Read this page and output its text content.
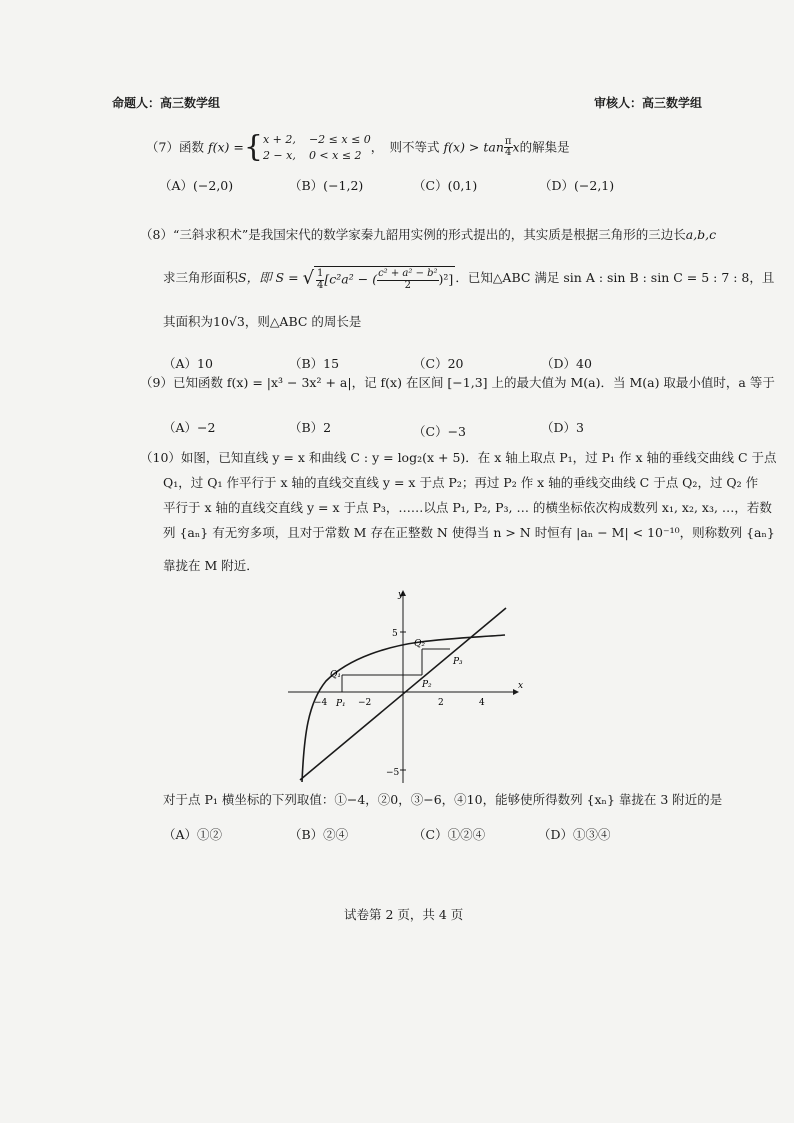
命题人：高三数学组	审核人：高三数学组
（7）函数 f(x) ={ x + 2, −2 ≤ x ≤ 0
2 − x, 0 < x ≤ 2
，　则不等式 $f(x) > \tan \frac{\pi}{4}$ x的解集是
（A）(−2,0)	（B）(−1,2)	（C）(0,1)	（D）(−2,1)
（8）“三斜求积术”是我国宋代的数学家秦九韶用实例的形式提出的，其实质是根据三角形的三边长a,b,c
求三角形面积S，即 S = √ $\frac{1}{4} [c^2a^2$ − ( $\frac{\text{c² + a² − b²}}{2} )^2$] ．已知△ABC 满足 sin A : sin B : sin C = 5 : 7 : 8，且
其面积为10√3，则△ABC 的周长是
（A）10	（B）15	（C）20	（D）40
（9）已知函数 f(x) = |x³ − 3x² + a|，记 f(x) 在区间 [−1,3] 上的最大值为 M(a)．当 M(a) 取最小值时，a 等于
（A）−2	（B）2	（C）−3	（D）3
（10）如图，已知直线 y = x 和曲线 C : y = log₂(x + 5)．在 x 轴上取点 P₁，过 P₁ 作 x 轴的垂线交曲线 C 于点
Q₁，过 Q₁ 作平行于 x 轴的直线交直线 y = x 于点 P₂；再过 P₂ 作 x 轴的垂线交曲线 C 于点 Q₂，过 Q₂ 作
平行于 x 轴的直线交直线 y = x 于点 P₃，……以点 P₁, P₂, P₃, … 的横坐标依次构成数列 x₁, x₂, x₃, …，若数
列 {aₙ} 有无穷多项，且对于常数 M 存在正整数 N 使得当 n > N 时恒有 |aₙ − M| < 10⁻¹⁰，则称数列 {aₙ}
靠拢在 M 附近．
y
x
5
−5
−4	−2	2	4
Q₁
Q₂
P₁
P₂
P₃
对于点 P₁ 横坐标的下列取值：①−4，②0，③−6，④10，能够使所得数列 {xₙ} 靠拢在 3 附近的是
（A）①②	（B）②④	（C）①②④	（D）①③④
试卷第 2 页，共 4 页
